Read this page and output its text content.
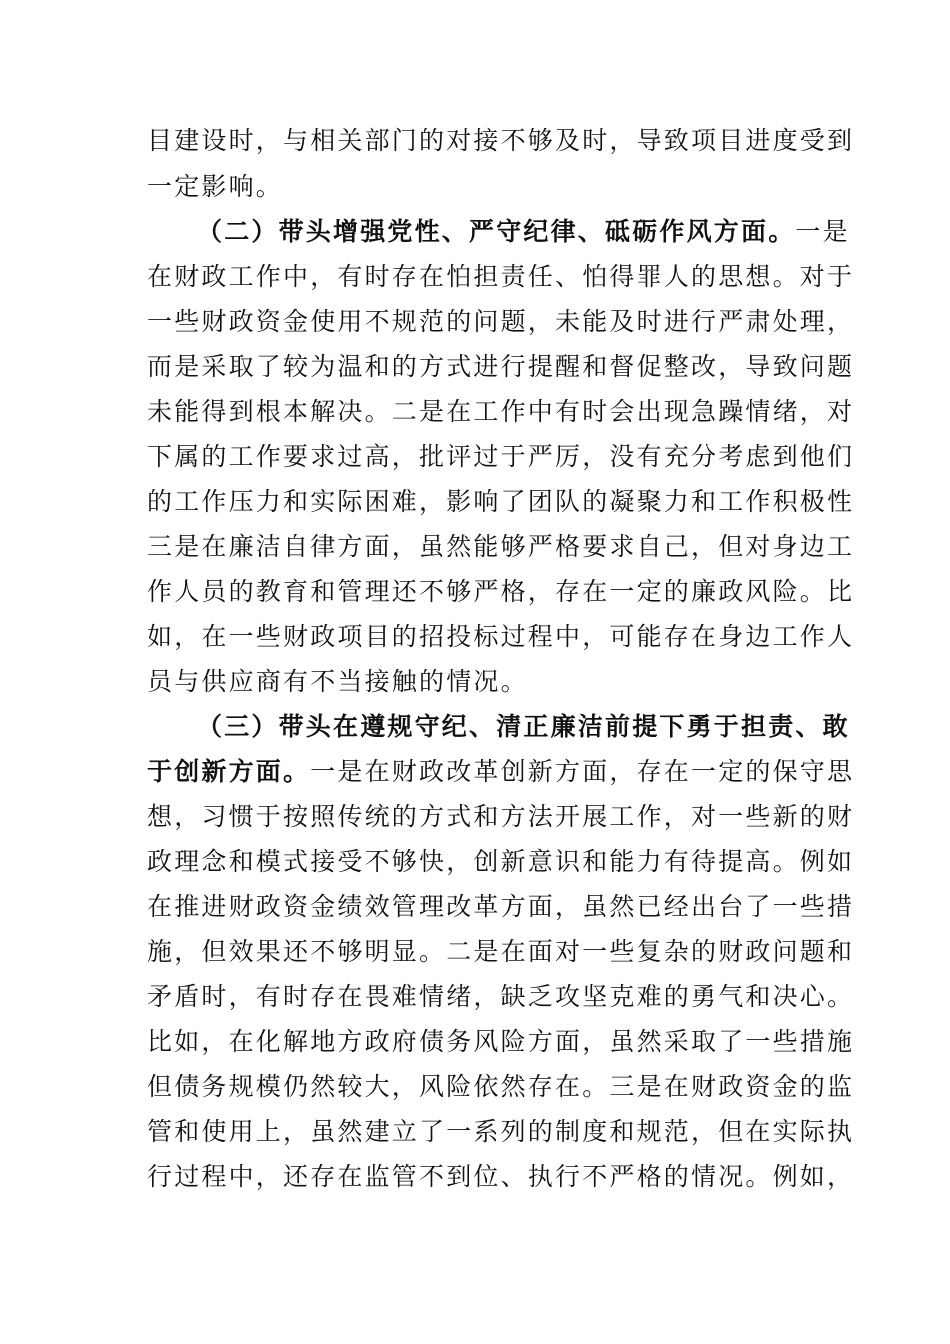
目建设时，与相关部门的对接不够及时，导致项目进度受到
一定影响。
（二）带头增强党性、严守纪律、砥砺作风方面。一是
在财政工作中，有时存在怕担责任、怕得罪人的思想。对于
一些财政资金使用不规范的问题，未能及时进行严肃处理，
而是采取了较为温和的方式进行提醒和督促整改，导致问题
未能得到根本解决。二是在工作中有时会出现急躁情绪，对
下属的工作要求过高，批评过于严厉，没有充分考虑到他们
的工作压力和实际困难，影响了团队的凝聚力和工作积极性
三是在廉洁自律方面，虽然能够严格要求自己，但对身边工
作人员的教育和管理还不够严格，存在一定的廉政风险。比
如，在一些财政项目的招投标过程中，可能存在身边工作人
员与供应商有不当接触的情况。
（三）带头在遵规守纪、清正廉洁前提下勇于担责、敢
于创新方面。一是在财政改革创新方面，存在一定的保守思
想，习惯于按照传统的方式和方法开展工作，对一些新的财
政理念和模式接受不够快，创新意识和能力有待提高。例如
在推进财政资金绩效管理改革方面，虽然已经出台了一些措
施，但效果还不够明显。二是在面对一些复杂的财政问题和
矛盾时，有时存在畏难情绪，缺乏攻坚克难的勇气和决心。
比如，在化解地方政府债务风险方面，虽然采取了一些措施
但债务规模仍然较大，风险依然存在。三是在财政资金的监
管和使用上，虽然建立了一系列的制度和规范，但在实际执
行过程中，还存在监管不到位、执行不严格的情况。例如，
